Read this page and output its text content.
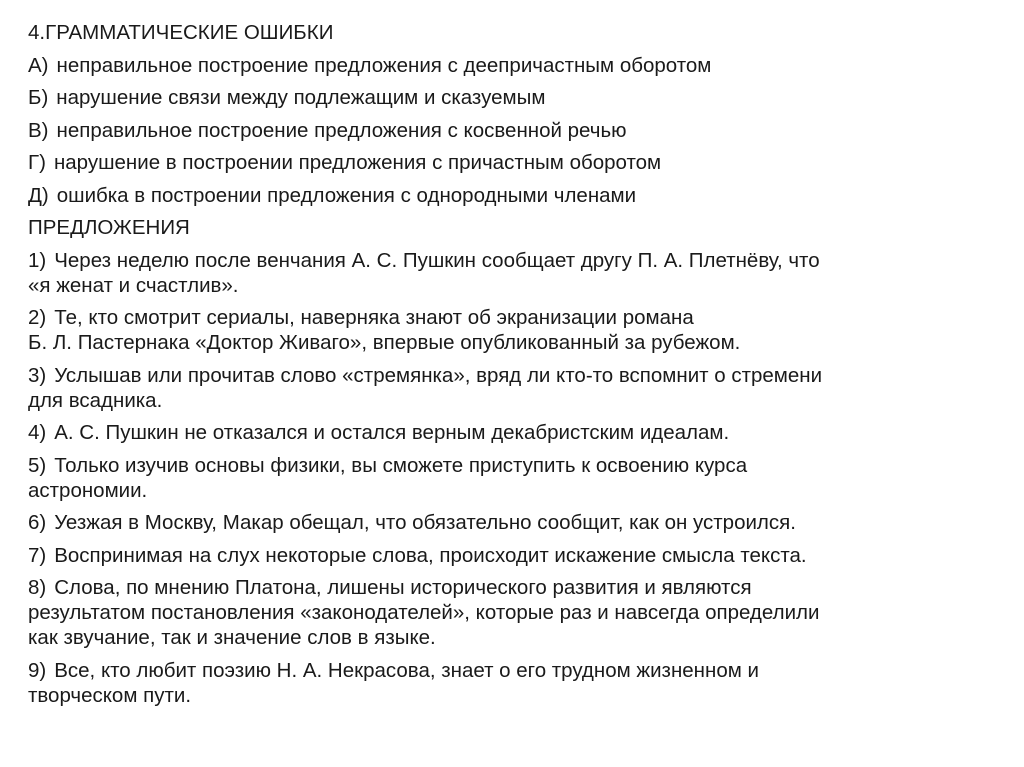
4.ГРАММАТИЧЕСКИЕ ОШИБКИ
А) неправильное построение предложения с деепричастным оборотом
Б) нарушение связи между подлежащим и сказуемым
В) неправильное построение предложения с косвенной речью
Г) нарушение в построении предложения с причастным оборотом
Д) ошибка в построении предложения с однородными членами
ПРЕДЛОЖЕНИЯ
1) Через неделю после венчания А. С. Пушкин сообщает другу П. А. Плетнёву, что
«я женат и счастлив».
2) Те, кто смотрит сериалы, наверняка знают об экранизации романа
Б. Л. Пастернака «Доктор Живаго», впервые опубликованный за рубежом.
3) Услышав или прочитав слово «стремянка», вряд ли кто-то вспомнит о стремени
для всадника.
4) А. С. Пушкин не отказался и остался верным декабристским идеалам.
5) Только изучив основы физики, вы сможете приступить к освоению курса
астрономии.
6) Уезжая в Москву, Макар обещал, что обязательно сообщит, как он устроился.
7) Воспринимая на слух некоторые слова, происходит искажение смысла текста.
8) Слова, по мнению Платона, лишены исторического развития и являются
результатом постановления «законодателей», которые раз и навсегда определили
как звучание, так и значение слов в языке.
9) Все, кто любит поэзию Н. А. Некрасова, знает о его трудном жизненном и
творческом пути.
